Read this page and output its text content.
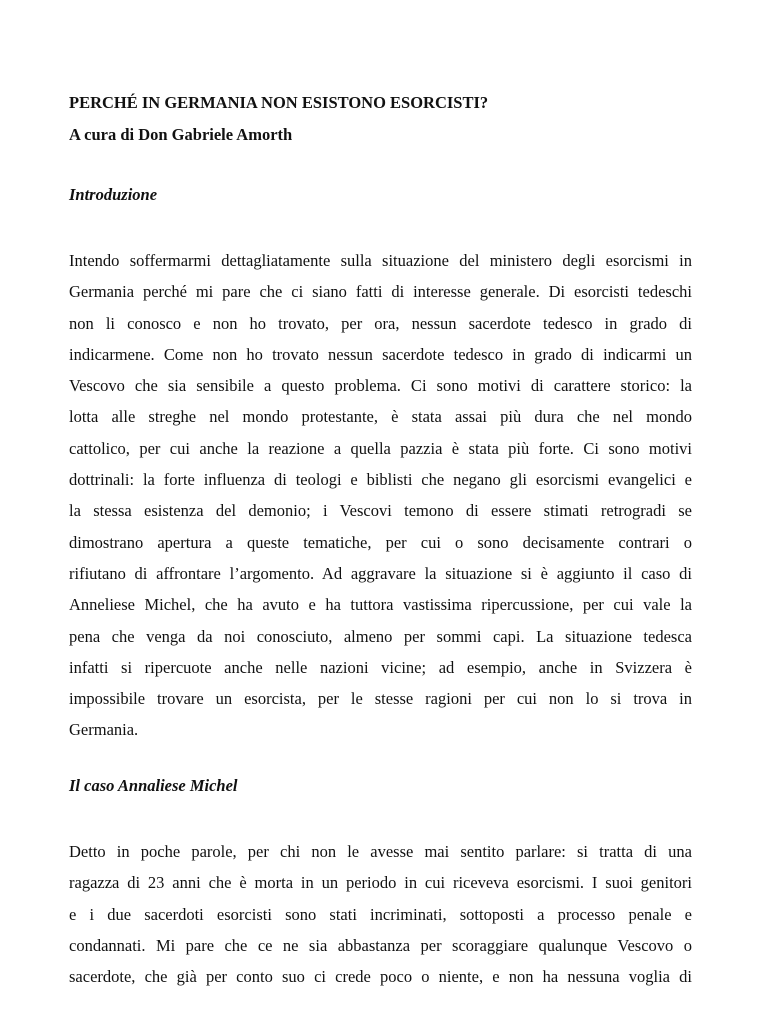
PERCHÉ IN GERMANIA NON ESISTONO ESORCISTI?
A cura di Don Gabriele Amorth
Introduzione
Intendo soffermarmi dettagliatamente sulla situazione del ministero degli esorcismi in
Germania perché mi pare che ci siano fatti di interesse generale. Di esorcisti tedeschi
non li conosco e non ho trovato, per ora, nessun sacerdote tedesco in grado di
indicarmene. Come non ho trovato nessun sacerdote tedesco in grado di indicarmi un
Vescovo che sia sensibile a questo problema. Ci sono motivi di carattere storico: la
lotta alle streghe nel mondo protestante, è stata assai più dura che nel mondo
cattolico, per cui anche la reazione a quella pazzia è stata più forte. Ci sono motivi
dottrinali: la forte influenza di teologi e biblisti che negano gli esorcismi evangelici e
la stessa esistenza del demonio; i Vescovi temono di essere stimati retrogradi se
dimostrano apertura a queste tematiche, per cui o sono decisamente contrari o
rifiutano di affrontare l’argomento. Ad aggravare la situazione si è aggiunto il caso di
Anneliese Michel, che ha avuto e ha tuttora vastissima ripercussione, per cui vale la
pena che venga da noi conosciuto, almeno per sommi capi. La situazione tedesca
infatti si ripercuote anche nelle nazioni vicine; ad esempio, anche in Svizzera è
impossibile trovare un esorcista, per le stesse ragioni per cui non lo si trova in
Germania.
Il caso Annaliese Michel
Detto in poche parole, per chi non le avesse mai sentito parlare: si tratta di una
ragazza di 23 anni che è morta in un periodo in cui riceveva esorcismi. I suoi genitori
e i due sacerdoti esorcisti sono stati incriminati, sottoposti a processo penale e
condannati. Mi pare che ce ne sia abbastanza per scoraggiare qualunque Vescovo o
sacerdote, che già per conto suo ci crede poco o niente, e non ha nessuna voglia di
